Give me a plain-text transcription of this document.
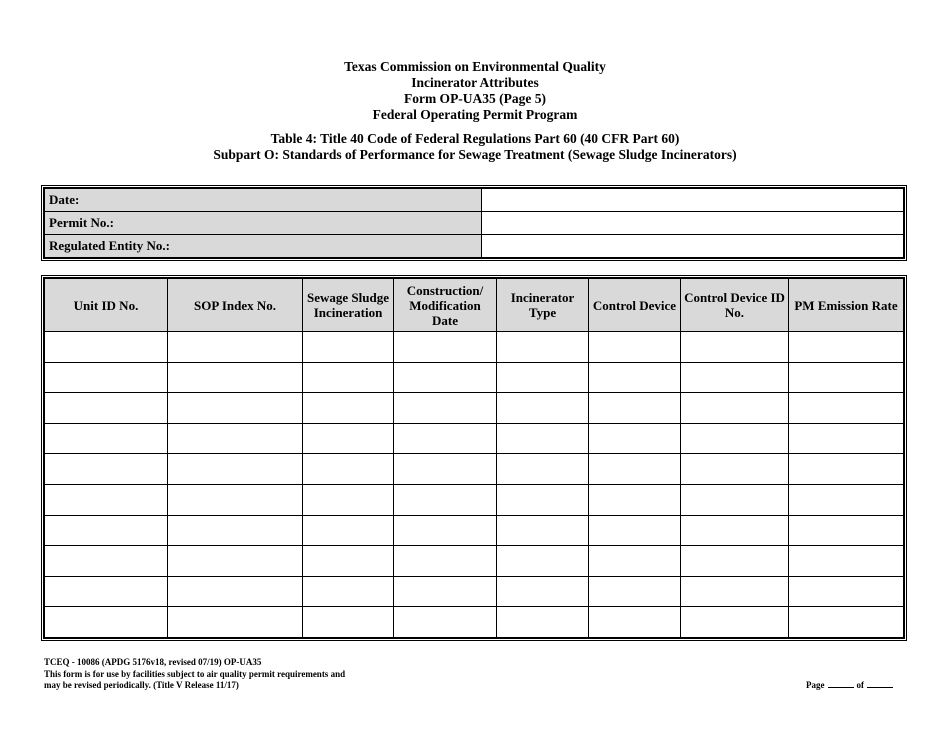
Texas Commission on Environmental Quality
Incinerator Attributes
Form OP-UA35 (Page 5)
Federal Operating Permit Program
Table 4: Title 40 Code of Federal Regulations Part 60 (40 CFR Part 60)
Subpart O: Standards of Performance for Sewage Treatment (Sewage Sludge Incinerators)
Date:	
Permit No.:	
Regulated Entity No.:	
Unit ID No.	SOP Index No.	Sewage Sludge Incineration	Construction/ Modification Date	Incinerator Type	Control Device	Control Device ID No.	PM Emission Rate

TCEQ - 10086 (APDG 5176v18, revised 07/19) OP-UA35
This form is for use by facilities subject to air quality permit requirements and
may be revised periodically. (Title V Release 11/17)	Page	of
